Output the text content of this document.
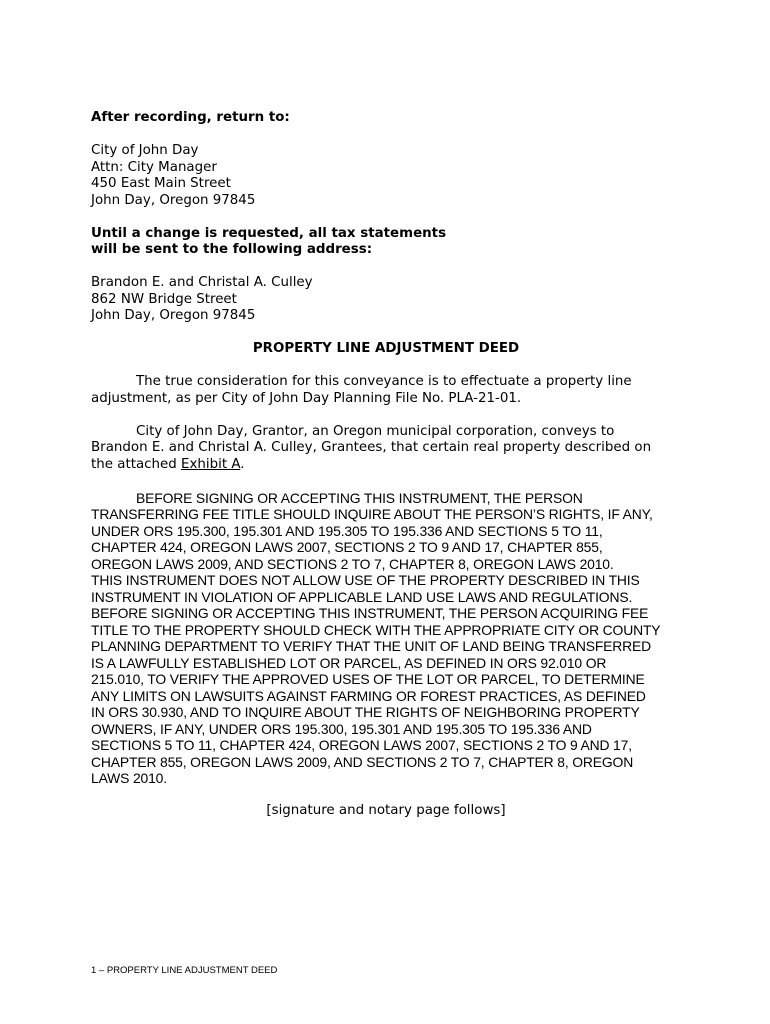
After recording, return to:
City of John Day
Attn: City Manager
450 East Main Street
John Day, Oregon 97845
Until a change is requested, all tax statements
will be sent to the following address:
Brandon E. and Christal A. Culley
862 NW Bridge Street
John Day, Oregon 97845
PROPERTY LINE ADJUSTMENT DEED
The true consideration for this conveyance is to effectuate a property line
adjustment, as per City of John Day Planning File No. PLA-21-01.
City of John Day, Grantor, an Oregon municipal corporation, conveys to
Brandon E. and Christal A. Culley, Grantees, that certain real property described on
the attached Exhibit A.
BEFORE SIGNING OR ACCEPTING THIS INSTRUMENT, THE PERSON
TRANSFERRING FEE TITLE SHOULD INQUIRE ABOUT THE PERSON’S RIGHTS, IF ANY,
UNDER ORS 195.300, 195.301 AND 195.305 TO 195.336 AND SECTIONS 5 TO 11,
CHAPTER 424, OREGON LAWS 2007, SECTIONS 2 TO 9 AND 17, CHAPTER 855,
OREGON LAWS 2009, AND SECTIONS 2 TO 7, CHAPTER 8, OREGON LAWS 2010.
THIS INSTRUMENT DOES NOT ALLOW USE OF THE PROPERTY DESCRIBED IN THIS
INSTRUMENT IN VIOLATION OF APPLICABLE LAND USE LAWS AND REGULATIONS.
BEFORE SIGNING OR ACCEPTING THIS INSTRUMENT, THE PERSON ACQUIRING FEE
TITLE TO THE PROPERTY SHOULD CHECK WITH THE APPROPRIATE CITY OR COUNTY
PLANNING DEPARTMENT TO VERIFY THAT THE UNIT OF LAND BEING TRANSFERRED
IS A LAWFULLY ESTABLISHED LOT OR PARCEL, AS DEFINED IN ORS 92.010 OR
215.010, TO VERIFY THE APPROVED USES OF THE LOT OR PARCEL, TO DETERMINE
ANY LIMITS ON LAWSUITS AGAINST FARMING OR FOREST PRACTICES, AS DEFINED
IN ORS 30.930, AND TO INQUIRE ABOUT THE RIGHTS OF NEIGHBORING PROPERTY
OWNERS, IF ANY, UNDER ORS 195.300, 195.301 AND 195.305 TO 195.336 AND
SECTIONS 5 TO 11, CHAPTER 424, OREGON LAWS 2007, SECTIONS 2 TO 9 AND 17,
CHAPTER 855, OREGON LAWS 2009, AND SECTIONS 2 TO 7, CHAPTER 8, OREGON
LAWS 2010.
[signature and notary page follows]
1 – PROPERTY LINE ADJUSTMENT DEED
